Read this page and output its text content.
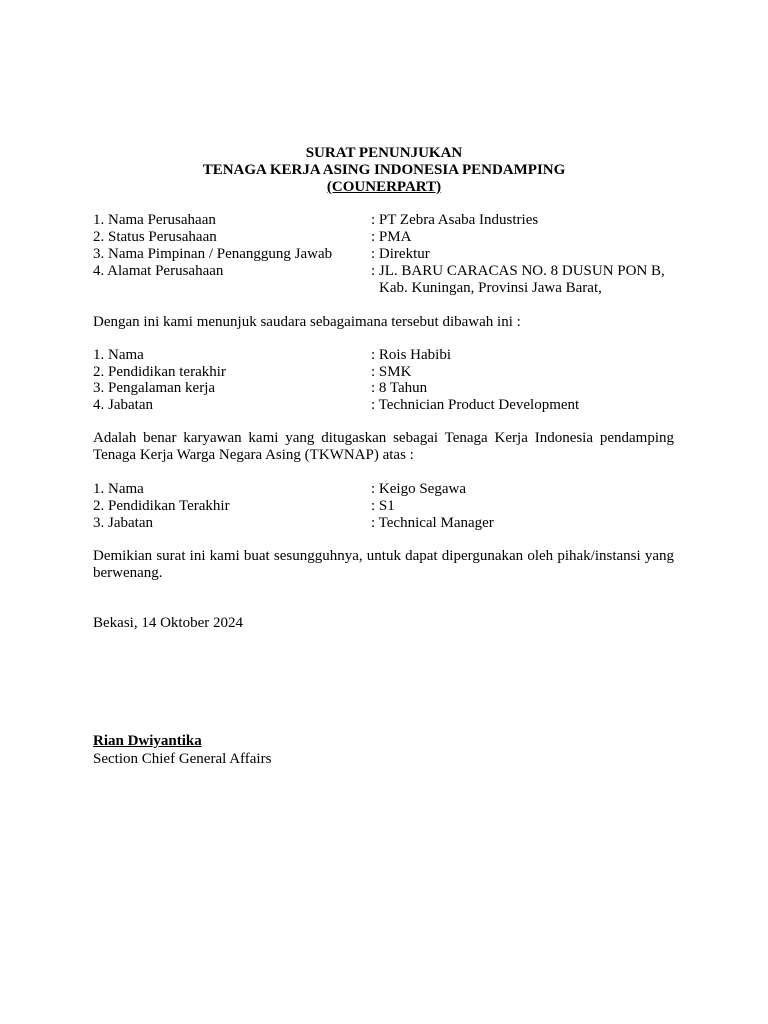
SURAT PENUNJUKAN
TENAGA KERJA ASING INDONESIA PENDAMPING
(COUNERPART)
1. Nama Perusahaan	: PT Zebra Asaba Industries
2. Status Perusahaan	: PMA
3. Nama Pimpinan / Penanggung Jawab	: Direktur
4. Alamat Perusahaan	: JL. BARU CARACAS NO. 8 DUSUN PON B,
Kab. Kuningan, Provinsi Jawa Barat,
Dengan ini kami menunjuk saudara sebagaimana tersebut dibawah ini :
1. Nama	: Rois Habibi
2. Pendidikan terakhir	: SMK
3. Pengalaman kerja	: 8 Tahun
4. Jabatan	: Technician Product Development
Adalah benar karyawan kami yang ditugaskan sebagai Tenaga Kerja Indonesia pendamping Tenaga Kerja Warga Negara Asing (TKWNAP) atas :
1. Nama	: Keigo Segawa
2. Pendidikan Terakhir	: S1
3. Jabatan	: Technical Manager
Demikian surat ini kami buat sesungguhnya, untuk dapat dipergunakan oleh pihak/instansi yang berwenang.
Bekasi, 14 Oktober 2024
Rian Dwiyantika
Section Chief General Affairs
